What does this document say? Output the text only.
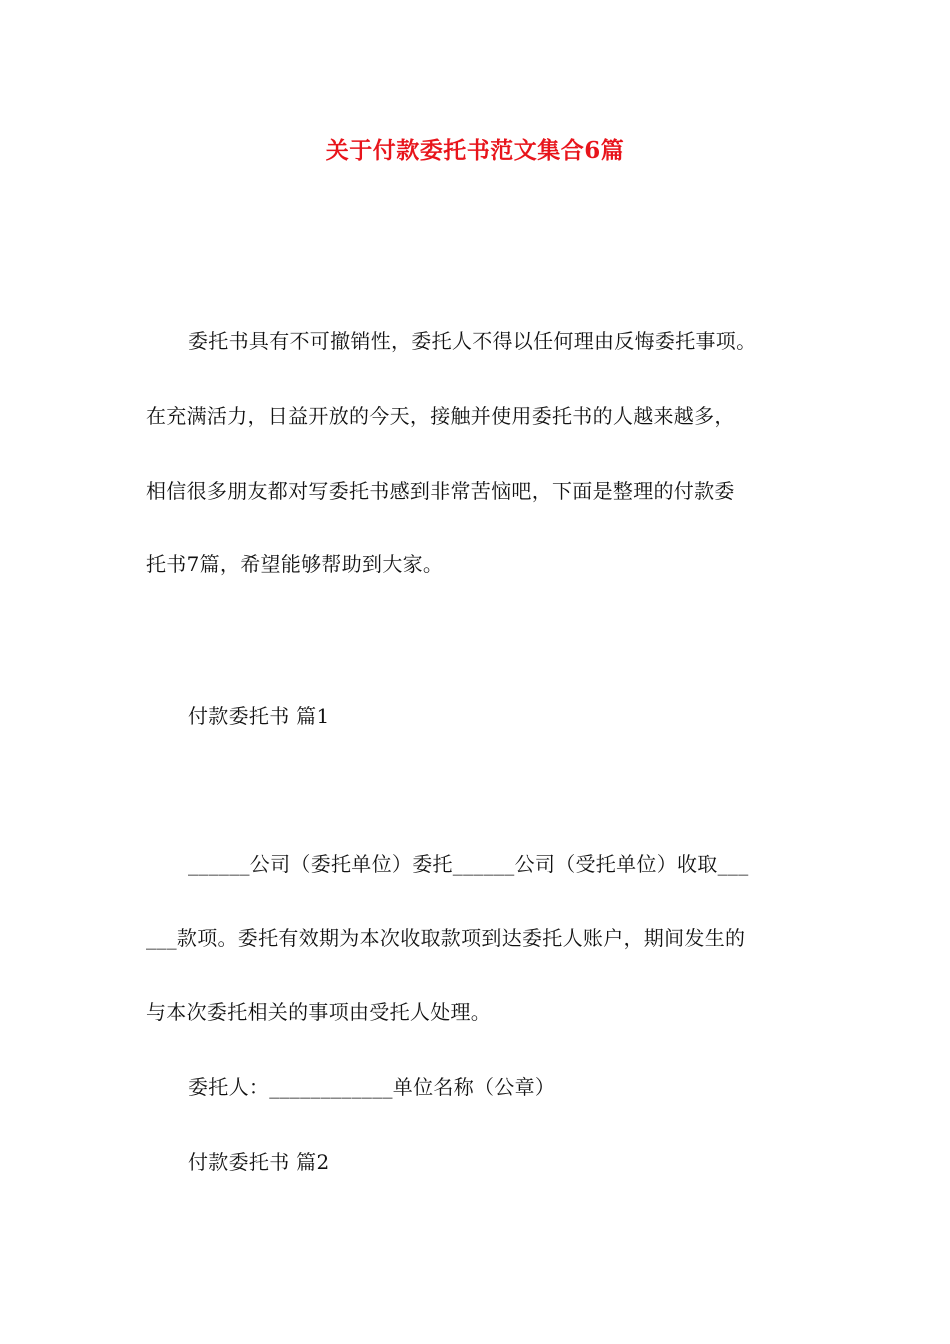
关于付款委托书范文集合6篇
委托书具有不可撤销性，委托人不得以任何理由反悔委托事项。
在充满活力，日益开放的今天，接触并使用委托书的人越来越多，
相信很多朋友都对写委托书感到非常苦恼吧，下面是整理的付款委
托书7篇，希望能够帮助到大家。
付款委托书 篇1
______公司（委托单位）委托______公司（受托单位）收取___
___款项。委托有效期为本次收取款项到达委托人账户，期间发生的
与本次委托相关的事项由受托人处理。
委托人：____________单位名称（公章）
付款委托书 篇2
